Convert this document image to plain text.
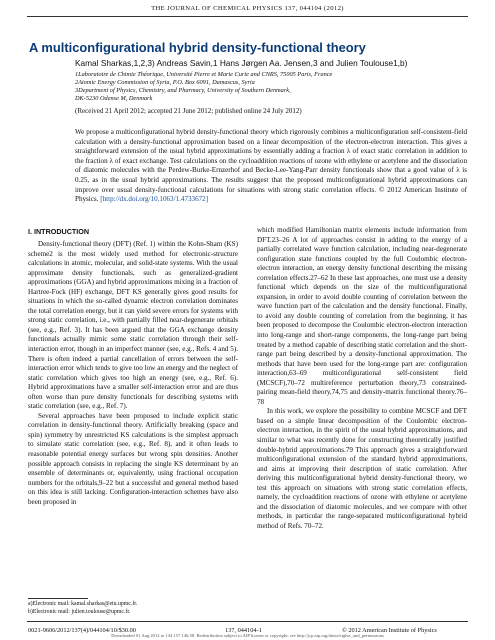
THE JOURNAL OF CHEMICAL PHYSICS 137, 044104 (2012)
A multiconfigurational hybrid density-functional theory
Kamal Sharkas,1,2,3) Andreas Savin,1 Hans Jørgen Aa. Jensen,3 and Julien Toulouse1,b)
1Laboratoire de Chimie Théorique, Université Pierre et Marie Curie and CNRS, 75005 Paris, France
2Atomic Energy Commission of Syria, P.O. Box 6091, Damascus, Syria
3Department of Physics, Chemistry, and Pharmacy, University of Southern Denmark,
DK-5230 Odense M, Denmark
(Received 21 April 2012; accepted 21 June 2012; published online 24 July 2012)
We propose a multiconfigurational hybrid density-functional theory which rigorously combines a multiconfiguration self-consistent-field calculation with a density-functional approximation based on a linear decomposition of the electron-electron interaction. This gives a straightforward extension of the usual hybrid approximations by essentially adding a fraction λ of exact static correlation in addition to the fraction λ of exact exchange. Test calculations on the cycloaddition reactions of ozone with ethylene or acetylene and the dissociation of diatomic molecules with the Perdew-Burke-Ernzerhof and Becke-Lee-Yang-Parr density functionals show that a good value of λ is 0.25, as in the usual hybrid approximations. The results suggest that the proposed multiconfigurational hybrid approximations can improve over usual density-functional calculations for situations with strong static correlation effects. © 2012 American Institute of Physics. [http://dx.doi.org/10.1063/1.4733672]
I. INTRODUCTION

Density-functional theory (DFT) (Ref. 1) within the Kohn-Sham (KS) scheme2 is the most widely used method for electronic-structure calculations in atomic, molecular, and solid-state systems. With the usual approximate density functionals, such as generalized-gradient approximations (GGA) and hybrid approximations mixing in a fraction of Hartree-Fock (HF) exchange, DFT KS generally gives good results for situations in which the so-called dynamic electron correlation dominates the total correlation energy, but it can yield severe errors for systems with strong static correlation, i.e., with partially filled near-degenerate orbitals (see, e.g., Ref. 3). It has been argued that the GGA exchange density functionals actually mimic some static correlation through their self-interaction error, though in an imperfect manner (see, e.g., Refs. 4 and 5). There is often indeed a partial cancellation of errors between the self-interaction error which tends to give too low an energy and the neglect of static correlation which gives too high an energy (see, e.g., Ref. 6). Hybrid approximations have a smaller self-interaction error and are thus often worse than pure density functionals for describing systems with static correlation (see, e.g., Ref. 7).

Several approaches have been proposed to include explicit static correlation in density-functional theory. Artificially breaking (space and spin) symmetry by unrestricted KS calculations is the simplest approach to simulate static correlation (see, e.g., Ref. 8), and it often leads to reasonable potential energy surfaces but wrong spin densities. Another possible approach consists in replacing the single KS determinant by an ensemble of determinants or, equivalently, using fractional occupation numbers for the orbitals,9–22 but a successful and general method based on this idea is still lacking. Configuration-interaction schemes have also been proposed in

which modified Hamiltonian matrix elements include information from DFT.23–26 A lot of approaches consist in adding to the energy of a partially correlated wave function calculation, including near-degenerate configuration state functions coupled by the full Coulombic electron-electron interaction, an energy density functional describing the missing correlation effects.27–62 In these last approaches, one must use a density functional which depends on the size of the multiconfigurational expansion, in order to avoid double counting of correlation between the wave function part of the calculation and the density functional. Finally, to avoid any double counting of correlation from the beginning, it has been proposed to decompose the Coulombic electron-electron interaction into long-range and short-range components, the long-range part being treated by a method capable of describing static correlation and the short-range part being described by a density-functional approximation. The methods that have been used for the long-range part are: configuration interaction,63–69 multiconfigurational self-consistent field (MCSCF),70–72 multireference perturbation theory,73 constrained-pairing mean-field theory,74,75 and density-matrix functional theory.76–78

In this work, we explore the possibility to combine MCSCF and DFT based on a simple linear decomposition of the Coulombic electron-electron interaction, in the spirit of the usual hybrid approximations, and similar to what was recently done for constructing theoretically justified double-hybrid approximations.79 This approach gives a straightforward multiconfigurational extension of the standard hybrid approximations, and aims at improving their description of static correlation. After deriving this multiconfigurational hybrid density-functional theory, we test this approach on situations with strong static correlation effects, namely, the cycloaddition reactions of ozone with ethylene or acetylene and the dissociation of diatomic molecules, and we compare with other methods, in particular the range-separated multiconfigurational hybrid method of Refs. 70–72.

a)Electronic mail: kamal.sharkas@etu.upmc.fr.
b)Electronic mail: julien.toulouse@upmc.fr.
0021-9606/2012/137(4)/044104/10/$30.00	137, 044104-1	© 2012 American Institute of Physics
Downloaded 01 Aug 2012 to 134.157.146.58. Redistribution subject to AIP license or copyright; see http://jcp.aip.org/about/rights_and_permissions
